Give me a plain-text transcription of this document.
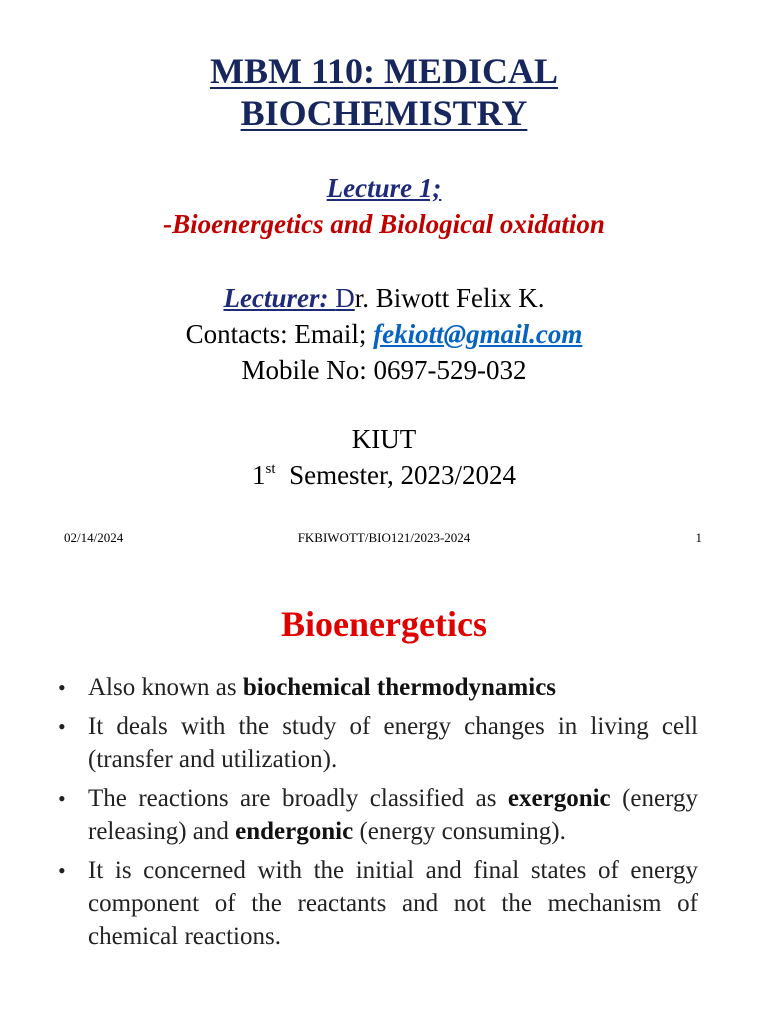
MBM 110: MEDICAL
BIOCHEMISTRY
Lecture 1;
-Bioenergetics and Biological oxidation
Lecturer: Dr. Biwott Felix K.
Contacts: Email; fekiott@gmail.com
Mobile No: 0697-529-032
KIUT
1st  Semester, 2023/2024
FKBIWOTT/BIO121/2023-2024
02/14/2024	1
Bioenergetics
• Also known as biochemical thermodynamics
• It deals with the study of energy changes in living cell (transfer and utilization).
• The reactions are broadly classified as exergonic (energy releasing) and endergonic (energy consuming).
• It is concerned with the initial and final states of energy component of the reactants and not the mechanism of chemical reactions.
